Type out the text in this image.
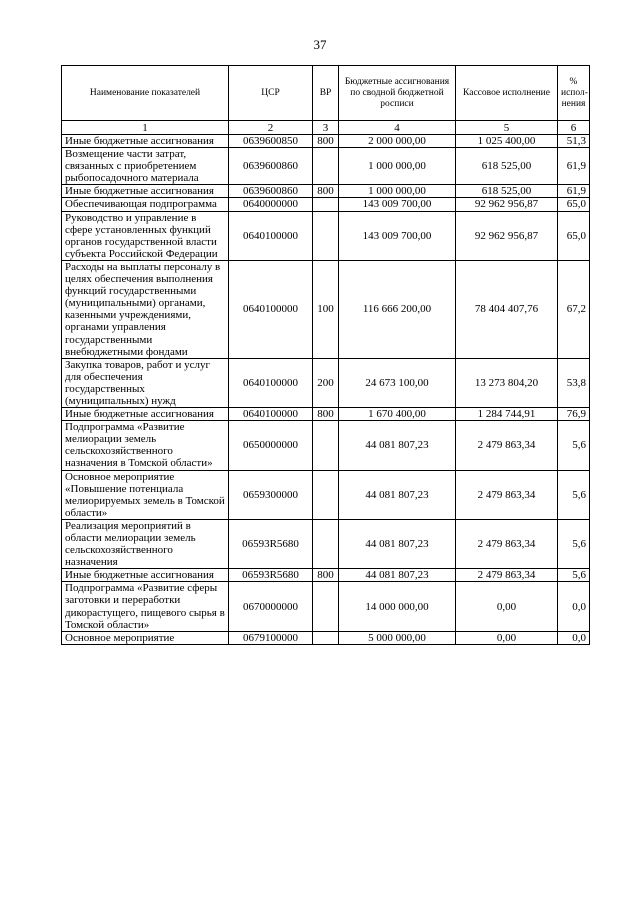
37
Наименование показателей	ЦСР	ВР	Бюджетные ассигнования по сводной бюджетной росписи	Кассовое исполнение	% испол-нения
1	2	3	4	5	6
Иные бюджетные ассигнования	0639600850	800	2 000 000,00	1 025 400,00	51,3
Возмещение части затрат, связанных с приобретением рыбопосадочного материала	0639600860		1 000 000,00	618 525,00	61,9
Иные бюджетные ассигнования	0639600860	800	1 000 000,00	618 525,00	61,9
Обеспечивающая подпрограмма	0640000000		143 009 700,00	92 962 956,87	65,0
Руководство и управление в сфере установленных функций органов государственной власти субъекта Российской Федерации	0640100000		143 009 700,00	92 962 956,87	65,0
Расходы на выплаты персоналу в целях обеспечения выполнения функций государственными (муниципальными) органами, казенными учреждениями, органами управления государственными внебюджетными фондами	0640100000	100	116 666 200,00	78 404 407,76	67,2
Закупка товаров, работ и услуг для обеспечения государственных (муниципальных) нужд	0640100000	200	24 673 100,00	13 273 804,20	53,8
Иные бюджетные ассигнования	0640100000	800	1 670 400,00	1 284 744,91	76,9
Подпрограмма «Развитие мелиорации земель сельскохозяйственного назначения в Томской области»	0650000000		44 081 807,23	2 479 863,34	5,6
Основное мероприятие «Повышение потенциала мелиорируемых земель в Томской области»	0659300000		44 081 807,23	2 479 863,34	5,6
Реализация мероприятий в области мелиорации земель сельскохозяйственного назначения	06593R5680		44 081 807,23	2 479 863,34	5,6
Иные бюджетные ассигнования	06593R5680	800	44 081 807,23	2 479 863,34	5,6
Подпрограмма «Развитие сферы заготовки и переработки дикорастущего, пищевого сырья в Томской области»	0670000000		14 000 000,00	0,00	0,0
Основное мероприятие	0679100000		5 000 000,00	0,00	0,0
